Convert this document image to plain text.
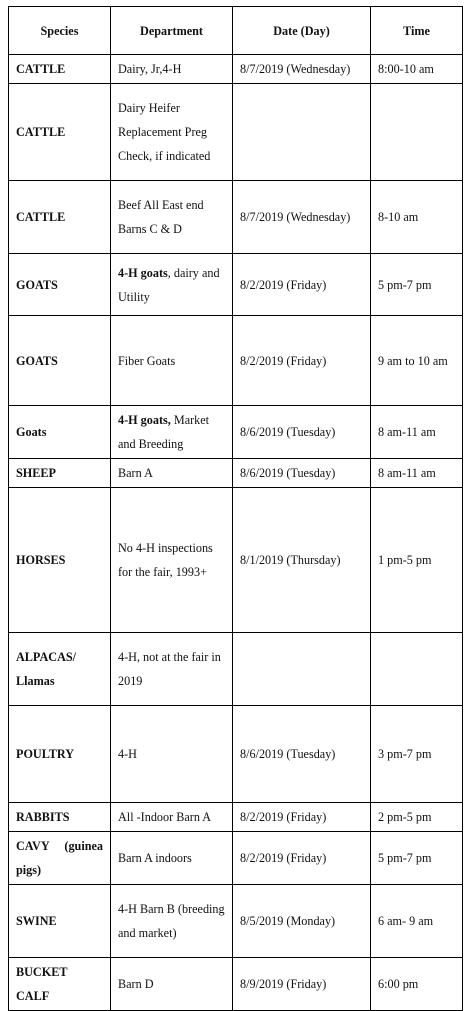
Species	Department	Date (Day)	Time
CATTLE	Dairy, Jr,4-H	8/7/2019 (Wednesday)	8:00-10 am
CATTLE	Dairy Heifer Replacement Preg Check, if indicated		
CATTLE	Beef All East end Barns C & D	8/7/2019 (Wednesday)	8-10 am
GOATS	4-H goats, dairy and Utility	8/2/2019 (Friday)	5 pm-7 pm
GOATS	Fiber Goats	8/2/2019 (Friday)	9 am to 10 am
Goats	4-H goats, Market and Breeding	8/6/2019 (Tuesday)	8 am-11 am
SHEEP	Barn A	8/6/2019 (Tuesday)	8 am-11 am
HORSES	No 4-H inspections for the fair, 1993+	8/1/2019 (Thursday)	1 pm-5 pm
ALPACAS/ Llamas	4-H, not at the fair in 2019		
POULTRY	4-H	8/6/2019 (Tuesday)	3 pm-7 pm
RABBITS	All -Indoor Barn A	8/2/2019 (Friday)	2 pm-5 pm
CAVY (guinea pigs)	Barn A indoors	8/2/2019 (Friday)	5 pm-7 pm
SWINE	4-H Barn B (breeding and market)	8/5/2019 (Monday)	6 am- 9 am
BUCKET CALF	Barn D	8/9/2019 (Friday)	6:00 pm
